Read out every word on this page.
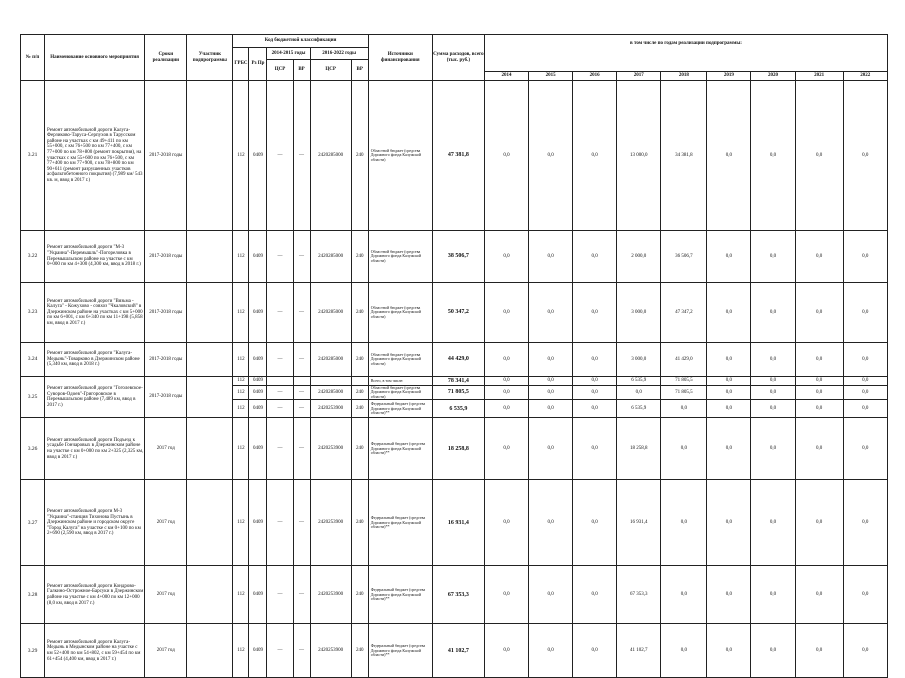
№ п/п	Наименование основного мероприятия	Сроки реализации	Участник подпрограммы	Код бюджетной классификации						Источники финансирования	Сумма расходов, всего (тыс. руб.)	в том числе по годам реализации подпрограммы:								
				ГРБС	Рз Пр	2014-2015 годы		2016-2022 годы												
						ЦСР	ВР	ЦСР	ВР											
												2014	2015	2016	2017	2018	2019	2020	2021	2022
3.21	Ремонт автомобильной дороги Калуга-Ферзиково-Таруса-Серпухов в Тарусском районе на участках с км 49+411 по км 55+000, с км 76+500 по км 77+400, с км 77+000 по км 78+800 (ремонт покрытия), на участках с км 55+600 по км 76+500, с км 77+400 по км 77+900, с км 78+800 по км 90+611 (ремонт разрушенных участков асфальтобетонного покрытия) (7,989 км/ 543 кв. м, ввод в 2017 г.)	2017-2018 годы		112	0409	—	—	2420285000	240	Областной бюджет (средства Дорожного фонда Калужской области)	47 381,8	0,0	0,0	0,0	13 000,0	34 381,8	0,0	0,0	0,0	0,0
3.22	Ремонт автомобильной дороги "М-3 "Украина"-Перемышль"-Погореловка в Перемышльском районе на участке с км 0+000 по км 4+300 (4,300 км, ввод в 2018 г.)	2017-2018 годы		112	0409	—	—	2420285000	240	Областной бюджет (средства Дорожного фонда Калужской области)	38 506,7	0,0	0,0	0,0	2 000,0	36 506,7	0,0	0,0	0,0	0,0
3.23	Ремонт автомобильной дороги "Вязьма - Калуга" - Кожухово - совхоз "Чкаловский" в Дзержинском районе на участках с км 5+000 по км 6+001, с км 6+340 по км 11+198 (5,858 км, ввод в 2017 г.)	2017-2018 годы		112	0409	—	—	2420285000	240	Областной бюджет (средства Дорожного фонда Калужской области)	50 347,2	0,0	0,0	0,0	3 000,0	47 347,2	0,0	0,0	0,0	0,0
3.24	Ремонт автомобильной дороги "Калуга-Медынь"-Товарково в Дзержинском районе (5,340 км, ввод в 2018 г.)	2017-2018 годы		112	0409	—	—	2420285000	240	Областной бюджет (средства Дорожного фонда Калужской области)	44 429,0	0,0	0,0	0,0	3 000,0	41 429,0	0,0	0,0	0,0	0,0
3.25	Ремонт автомобильной дороги "Гоголевское-Суворов-Одоев"-Григоровское в Перемышльском районе (7,489 км, ввод в 2017 г.)	2017-2018 годы		112	0409					Всего, в том числе:	78 341,4	0,0	0,0	0,0	6 535,9	71 805,5	0,0	0,0	0,0	0,0
				112	0409	—	—	2420285000	240	Областной бюджет (средства Дорожного фонда Калужской области)	71 805,5	0,0	0,0	0,0	0,0	71 805,5	0,0	0,0	0,0	0,0
				112	0409	—	—	2420253900	240	Федеральный бюджет (средства Дорожного фонда Калужской области)**	6 535,9	0,0	0,0	0,0	6 535,9	0,0	0,0	0,0	0,0	0,0
3.26	Ремонт автомобильной дороги Подъезд к усадьбе Гончаровых в Дзержинском районе на участке с км 0+000 по км 2+325 (2,325 км, ввод в 2017 г.)	2017 год		112	0409	—	—	2420253900	240	Федеральный бюджет (средства Дорожного фонда Калужской области)**	18 258,8	0,0	0,0	0,0	18 258,8	0,0	0,0	0,0	0,0	0,0
3.27	Ремонт автомобильной дороги М-3 "Украина"-станция Тихонова Пустынь в Дзержинском районе и городском округе "Город Калуга" на участке с км 0+100 по км 2+690 (2,590 км, ввод в 2017 г.)	2017 год		112	0409	—	—	2420253900	240	Федеральный бюджет (средства Дорожного фонда Калужской области)**	16 931,4	0,0	0,0	0,0	16 931,4	0,0	0,0	0,0	0,0	0,0
3.28	Ремонт автомобильной дороги Кондрово-Галкино-Острожное-Барсуки в Дзержинском районе на участке с км 4+000 по км 12+000 (8,0 км, ввод в 2017 г.)	2017 год		112	0409	—	—	2420253900	240	Федеральный бюджет (средства Дорожного фонда Калужской области)**	67 353,3	0,0	0,0	0,0	67 353,3	0,0	0,0	0,0	0,0	0,0
3.29	Ремонт автомобильной дороги Калуга-Медынь в Медынском районе на участке с км 52+400 по км 54+802, с км 59+454 по км 61+454 (4,400 км, ввод в 2017 г.)	2017 год		112	0409	—	—	2420253900	240	Федеральный бюджет (средства Дорожного фонда Калужской области)**	41 102,7	0,0	0,0	0,0	41 102,7	0,0	0,0	0,0	0,0	0,0
